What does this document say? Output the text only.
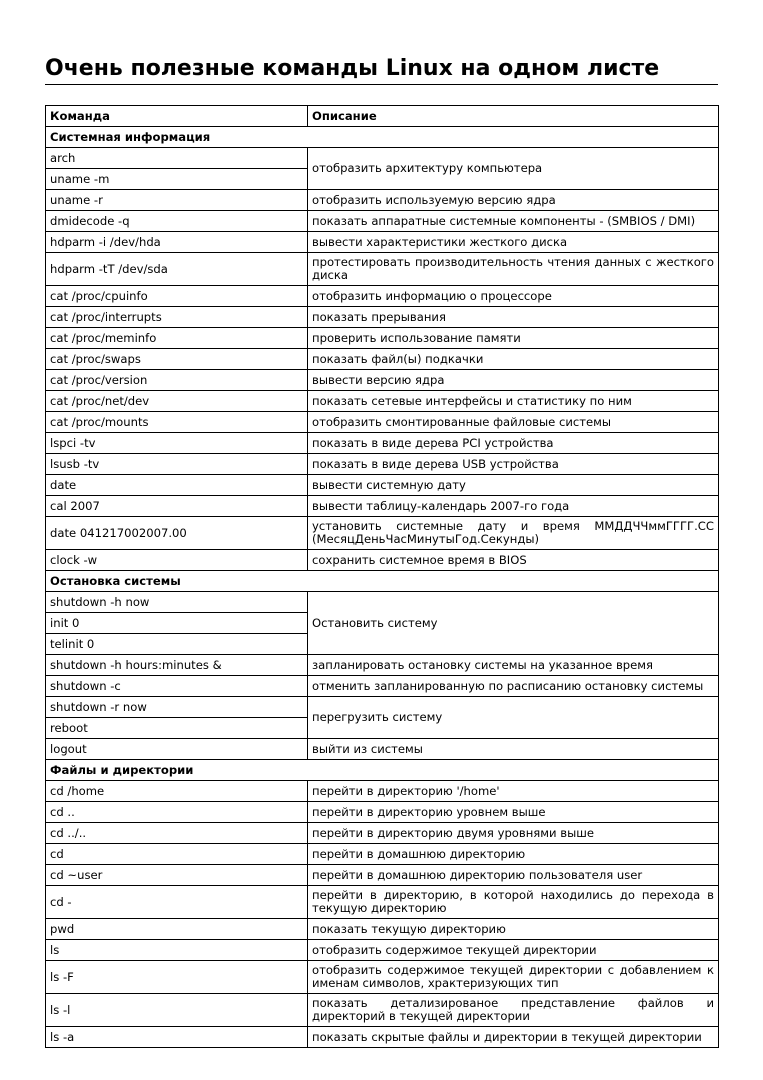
Очень полезные команды Linux на одном листе
Команда	Описание
Системная информация	
arch	отобразить архитектуру компьютера
uname -m	
uname -r	отобразить используемую версию ядра
dmidecode -q	показать аппаратные системные компоненты - (SMBIOS / DMI)
hdparm -i /dev/hda	вывести характеристики жесткого диска
hdparm -tT /dev/sda	протестировать производительность чтения данных с жесткого диска
cat /proc/cpuinfo	отобразить информацию о процессоре
cat /proc/interrupts	показать прерывания
cat /proc/meminfo	проверить использование памяти
cat /proc/swaps	показать файл(ы) подкачки
cat /proc/version	вывести версию ядра
cat /proc/net/dev	показать сетевые интерфейсы и статистику по ним
cat /proc/mounts	отобразить смонтированные файловые системы
lspci -tv	показать в виде дерева PCI устройства
lsusb -tv	показать в виде дерева USB устройства
date	вывести системную дату
cal 2007	вывести таблицу-календарь 2007-го года
date 041217002007.00	установить системные дату и время ММДДЧЧммГГГГ.СС (МесяцДеньЧасМинутыГод.Секунды)
clock -w	сохранить системное время в BIOS
Остановка системы	
shutdown -h now	Остановить систему
init 0	
telinit 0	
shutdown -h hours:minutes &	запланировать остановку системы на указанное время
shutdown -c	отменить запланированную по расписанию остановку системы
shutdown -r now	перегрузить систему
reboot	
logout	выйти из системы
Файлы и директории	
cd /home	перейти в директорию '/home'
cd ..	перейти в директорию уровнем выше
cd ../..	перейти в директорию двумя уровнями выше
cd	перейти в домашнюю директорию
cd ~user	перейти в домашнюю директорию пользователя user
cd -	перейти в директорию, в которой находились до перехода в текущую директорию
pwd	показать текущую директорию
ls	отобразить содержимое текущей директории
ls -F	отобразить содержимое текущей директории с добавлением к именам символов, храктеризующих тип
ls -l	показать детализированое представление файлов и директорий в текущей директории
ls -a	показать скрытые файлы и директории в текущей директории
